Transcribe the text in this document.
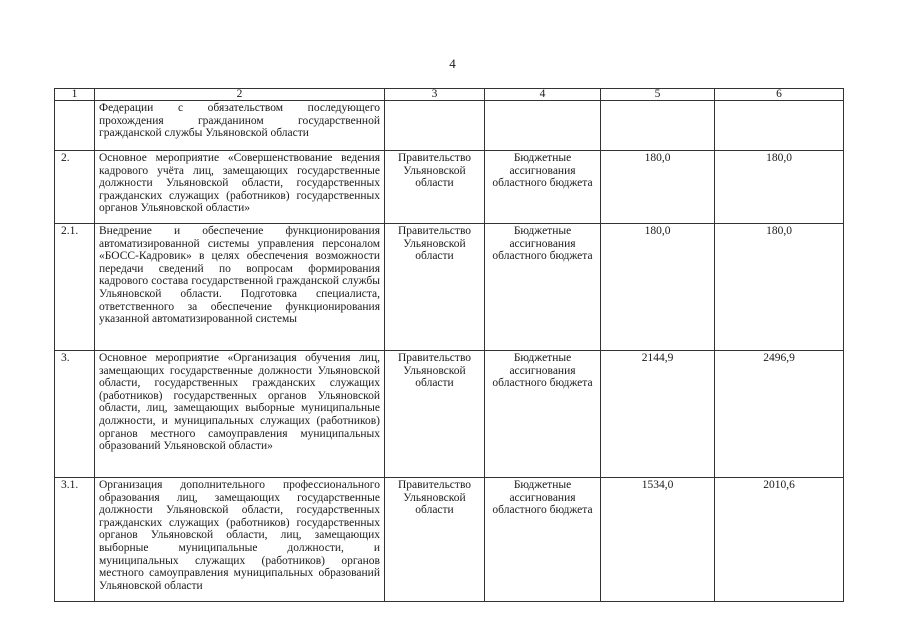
4
1	2	3	4	5	6
	Федерации с обязательством последующего прохождения гражданином государственной гражданской службы Ульяновской области				
2.	Основное мероприятие «Совершенствование ведения кадрового учёта лиц, замещающих государственные должности Ульяновской области, государственных гражданских служащих (работников) государственных органов Ульяновской области»	Правительство Ульяновской области	Бюджетные ассигнования областного бюджета	180,0	180,0
2.1.	Внедрение и обеспечение функционирования автоматизированной системы управления персоналом «БОСС-Кадровик» в целях обеспечения возможности передачи сведений по вопросам формирования кадрового состава государственной гражданской службы Ульяновской области. Подготовка специалиста, ответственного за обеспечение функционирования указанной автоматизированной системы	Правительство Ульяновской области	Бюджетные ассигнования областного бюджета	180,0	180,0
3.	Основное мероприятие «Организация обучения лиц, замещающих государственные должности Ульяновской области, государственных гражданских служащих (работников) государственных органов Ульяновской области, лиц, замещающих выборные муниципальные должности, и муниципальных служащих (работников) органов местного самоуправления муниципальных образований Ульяновской области»	Правительство Ульяновской области	Бюджетные ассигнования областного бюджета	2144,9	2496,9
3.1.	Организация дополнительного профессионального образования лиц, замещающих государственные должности Ульяновской области, государственных гражданских служащих (работников) государственных органов Ульяновской области, лиц, замещающих выборные муниципальные должности, и муниципальных служащих (работников) органов местного самоуправления муниципальных образований Ульяновской области	Правительство Ульяновской области	Бюджетные ассигнования областного бюджета	1534,0	2010,6
